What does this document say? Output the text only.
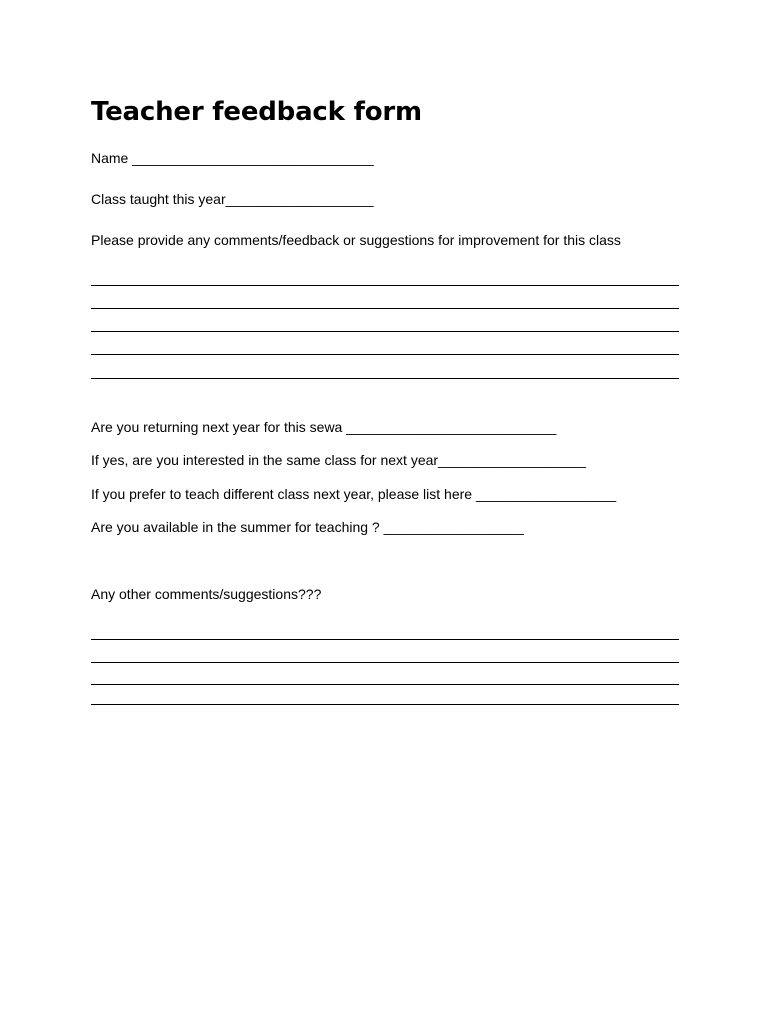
Teacher feedback form

Name _______________________________

Class taught this year___________________

Please provide any comments/feedback or suggestions for improvement for this class

Are you returning next year for this sewa ___________________________

If yes, are you interested in the same class for next year___________________

If you prefer to teach different class next year, please list here __________________

Are you available in the summer for teaching ? __________________

Any other comments/suggestions???
